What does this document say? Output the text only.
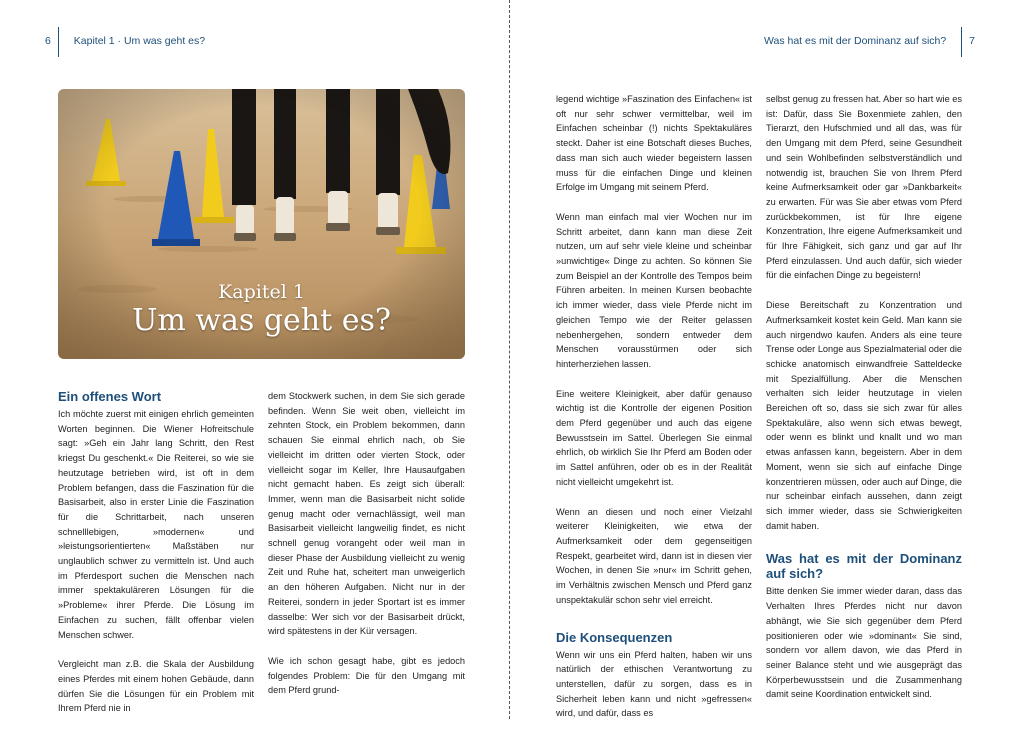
6 Kapitel 1 · Um was geht es?	Was hat es mit der Dominanz auf sich? 7
Kapitel 1
Um was geht es?
Ein offenes Wort

Ich möchte zuerst mit einigen ehrlich gemeinten Worten beginnen. Die Wiener Hofreitschule sagt: »Geh ein Jahr lang Schritt, den Rest kriegst Du geschenkt.« Die Reiterei, so wie sie heutzutage betrieben wird, ist oft in dem Problem befangen, dass die Faszination für die Basisarbeit, also in erster Linie die Faszination für die Schrittarbeit, nach unseren schnelllebigen, »modernen« und »leistungsorientierten« Maßstäben nur unglaublich schwer zu vermitteln ist. Und auch im Pferdesport suchen die Menschen nach immer spektakuläreren Lösungen für die »Probleme« ihrer Pferde. Die Lösung im Einfachen zu suchen, fällt offenbar vielen Menschen schwer.

Vergleicht man z.B. die Skala der Ausbildung eines Pferdes mit einem hohen Gebäude, dann dürfen Sie die Lösungen für ein Problem mit Ihrem Pferd nie in

dem Stockwerk suchen, in dem Sie sich gerade befinden. Wenn Sie weit oben, vielleicht im zehnten Stock, ein Problem bekommen, dann schauen Sie einmal ehrlich nach, ob Sie vielleicht im dritten oder vierten Stock, oder vielleicht sogar im Keller, Ihre Hausaufgaben nicht gemacht haben. Es zeigt sich überall: Immer, wenn man die Basisarbeit nicht solide genug macht oder vernachlässigt, weil man Basisarbeit vielleicht langweilig findet, es nicht schnell genug vorangeht oder weil man in dieser Phase der Ausbildung vielleicht zu wenig Zeit und Ruhe hat, scheitert man unweigerlich an den höheren Aufgaben. Nicht nur in der Reiterei, sondern in jeder Sportart ist es immer dasselbe: Wer sich vor der Basisarbeit drückt, wird spätestens in der Kür versagen.

Wie ich schon gesagt habe, gibt es jedoch folgendes Problem: Die für den Umgang mit dem Pferd grund-

legend wichtige »Faszination des Einfachen« ist oft nur sehr schwer vermittelbar, weil im Einfachen scheinbar (!) nichts Spektakuläres steckt. Daher ist eine Botschaft dieses Buches, dass man sich auch wieder begeistern lassen muss für die einfachen Dinge und kleinen Erfolge im Umgang mit seinem Pferd.

Wenn man einfach mal vier Wochen nur im Schritt arbeitet, dann kann man diese Zeit nutzen, um auf sehr viele kleine und scheinbar »unwichtige« Dinge zu achten. So können Sie zum Beispiel an der Kontrolle des Tempos beim Führen arbeiten. In meinen Kursen beobachte ich immer wieder, dass viele Pferde nicht im gleichen Tempo wie der Reiter gelassen nebenhergehen, sondern entweder dem Menschen vorausstürmen oder sich hinterherziehen lassen.

Eine weitere Kleinigkeit, aber dafür genauso wichtig ist die Kontrolle der eigenen Position dem Pferd gegenüber und auch das eigene Bewusstsein im Sattel. Überlegen Sie einmal ehrlich, ob wirklich Sie Ihr Pferd am Boden oder im Sattel anführen, oder ob es in der Realität nicht vielleicht umgekehrt ist.

Wenn an diesen und noch einer Vielzahl weiterer Kleinigkeiten, wie etwa der Aufmerksamkeit oder dem gegenseitigen Respekt, gearbeitet wird, dann ist in diesen vier Wochen, in denen Sie »nur« im Schritt gehen, im Verhältnis zwischen Mensch und Pferd ganz unspektakulär schon sehr viel erreicht.

Die Konsequenzen

Wenn wir uns ein Pferd halten, haben wir uns natürlich der ethischen Verantwortung zu unterstellen, dafür zu sorgen, dass es in Sicherheit leben kann und nicht »gefressen« wird, und dafür, dass es

selbst genug zu fressen hat. Aber so hart wie es ist: Dafür, dass Sie Boxenmiete zahlen, den Tierarzt, den Hufschmied und all das, was für den Umgang mit dem Pferd, seine Gesundheit und sein Wohlbefinden selbstverständlich und notwendig ist, brauchen Sie von Ihrem Pferd keine Aufmerksamkeit oder gar »Dankbarkeit« zu erwarten. Für was Sie aber etwas vom Pferd zurückbekommen, ist für Ihre eigene Konzentration, Ihre eigene Aufmerksamkeit und für Ihre Fähigkeit, sich ganz und gar auf Ihr Pferd einzulassen. Und auch dafür, sich wieder für die einfachen Dinge zu begeistern!

Diese Bereitschaft zu Konzentration und Aufmerksamkeit kostet kein Geld. Man kann sie auch nirgendwo kaufen. Anders als eine teure Trense oder Longe aus Spezialmaterial oder die schicke anatomisch einwandfreie Satteldecke mit Spezialfüllung. Aber die Menschen verhalten sich leider heutzutage in vielen Bereichen oft so, dass sie sich zwar für alles Spektakuläre, also wenn sich etwas bewegt, oder wenn es blinkt und knallt und wo man etwas anfassen kann, begeistern. Aber in dem Moment, wenn sie sich auf einfache Dinge konzentrieren müssen, oder auch auf Dinge, die nur scheinbar einfach aussehen, dann zeigt sich immer wieder, dass sie Schwierigkeiten damit haben.

Was hat es mit der Dominanz auf sich?

Bitte denken Sie immer wieder daran, dass das Verhalten Ihres Pferdes nicht nur davon abhängt, wie Sie sich gegenüber dem Pferd positionieren oder wie »dominant« Sie sind, sondern vor allem davon, wie das Pferd in seiner Balance steht und wie ausgeprägt das Körperbewusstsein und die Zusammenhang damit seine Koordination entwickelt sind.
